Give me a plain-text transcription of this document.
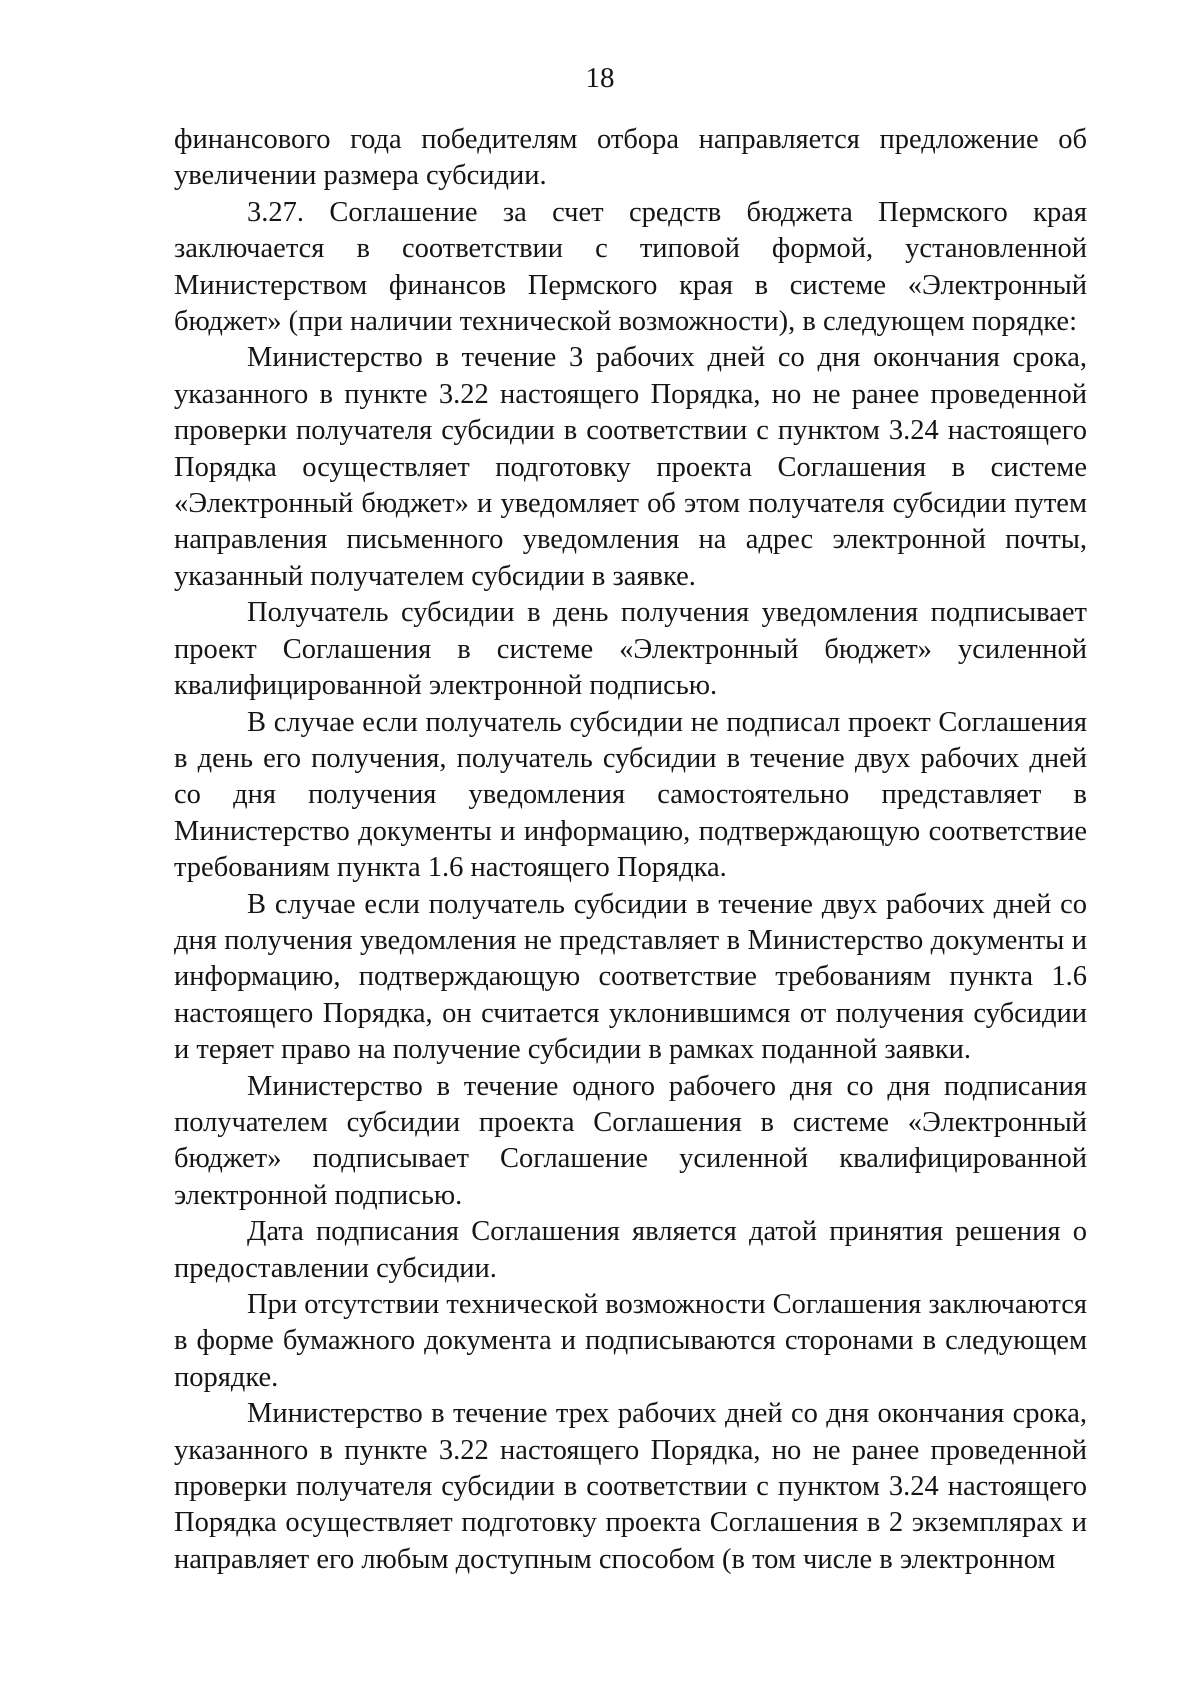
18

финансового года победителям отбора направляется предложение об увеличении размера субсидии.

3.27. Соглашение за счет средств бюджета Пермского края заключается в соответствии с типовой формой, установленной Министерством финансов Пермского края в системе «Электронный бюджет» (при наличии технической возможности), в следующем порядке:

Министерство в течение 3 рабочих дней со дня окончания срока, указанного в пункте 3.22 настоящего Порядка, но не ранее проведенной проверки получателя субсидии в соответствии с пунктом 3.24 настоящего Порядка осуществляет подготовку проекта Соглашения в системе «Электронный бюджет» и уведомляет об этом получателя субсидии путем направления письменного уведомления на адрес электронной почты, указанный получателем субсидии в заявке.

Получатель субсидии в день получения уведомления подписывает проект Соглашения в системе «Электронный бюджет» усиленной квалифицированной электронной подписью.

В случае если получатель субсидии не подписал проект Соглашения в день его получения, получатель субсидии в течение двух рабочих дней со дня получения уведомления самостоятельно представляет в Министерство документы и информацию, подтверждающую соответствие требованиям пункта 1.6 настоящего Порядка.

В случае если получатель субсидии в течение двух рабочих дней со дня получения уведомления не представляет в Министерство документы и информацию, подтверждающую соответствие требованиям пункта 1.6 настоящего Порядка, он считается уклонившимся от получения субсидии и теряет право на получение субсидии в рамках поданной заявки.

Министерство в течение одного рабочего дня со дня подписания получателем субсидии проекта Соглашения в системе «Электронный бюджет» подписывает Соглашение усиленной квалифицированной электронной подписью.

Дата подписания Соглашения является датой принятия решения о предоставлении субсидии.

При отсутствии технической возможности Соглашения заключаются в форме бумажного документа и подписываются сторонами в следующем порядке.

Министерство в течение трех рабочих дней со дня окончания срока, указанного в пункте 3.22 настоящего Порядка, но не ранее проведенной проверки получателя субсидии в соответствии с пунктом 3.24 настоящего Порядка осуществляет подготовку проекта Соглашения в 2 экземплярах и направляет его любым доступным способом (в том числе в электронном
